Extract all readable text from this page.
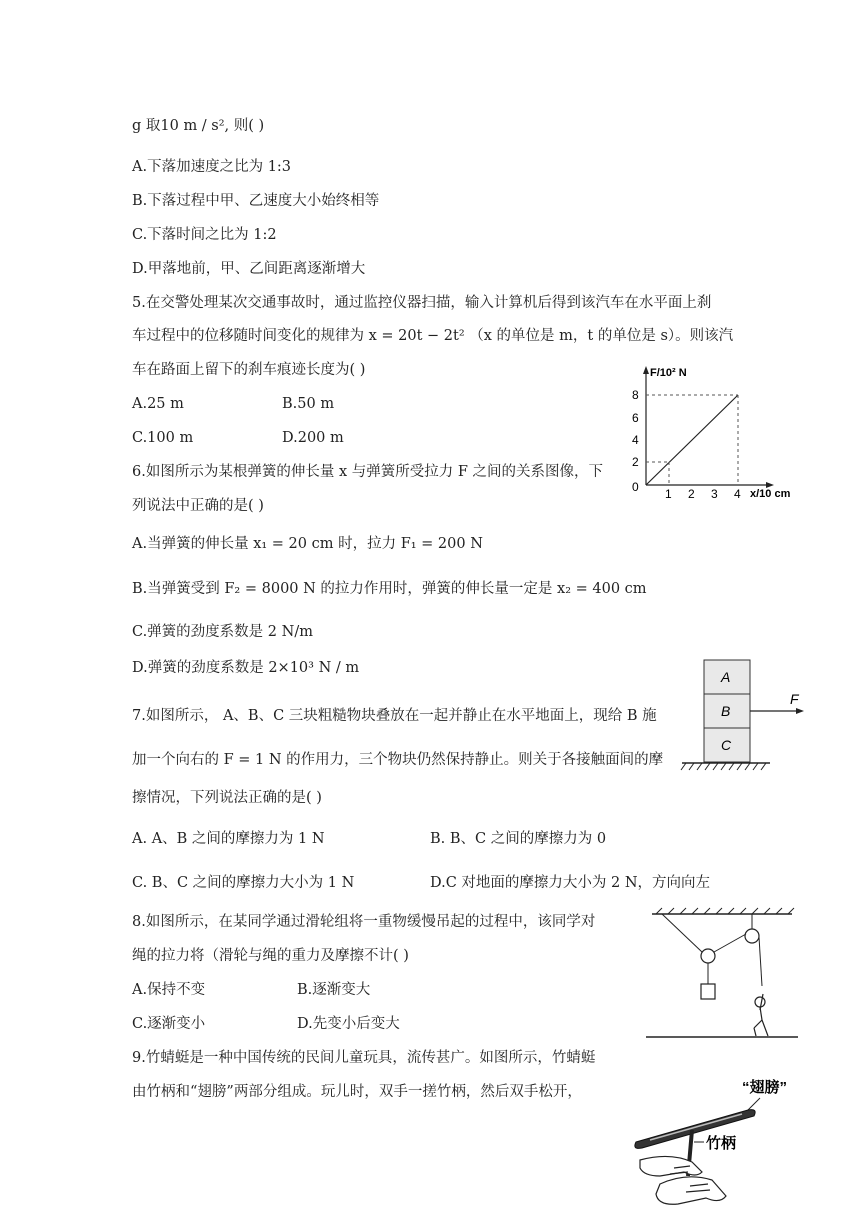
g 取10 m / s², 则( )
A.下落加速度之比为 1:3
B.下落过程中甲、乙速度大小始终相等
C.下落时间之比为 1:2
D.甲落地前，甲、乙间距离逐渐增大
5.在交警处理某次交通事故时，通过监控仪器扫描，输入计算机后得到该汽车在水平面上刹
车过程中的位移随时间变化的规律为 x = 20t − 2t² （x 的单位是 m，t 的单位是 s）。则该汽
车在路面上留下的刹车痕迹长度为( )
A.25 m	B.50 m
C.100 m	D.200 m
6.如图所示为某根弹簧的伸长量 x 与弹簧所受拉力 F 之间的关系图像，下
列说法中正确的是( )
A.当弹簧的伸长量 x₁ = 20 cm 时，拉力 F₁ = 200 N
B.当弹簧受到 F₂ = 8000 N 的拉力作用时，弹簧的伸长量一定是 x₂ = 400 cm
C.弹簧的劲度系数是 2 N/m
D.弹簧的劲度系数是 2×10³ N / m
7.如图所示， A、B、C 三块粗糙物块叠放在一起并静止在水平地面上，现给 B 施
加一个向右的 F = 1 N 的作用力，三个物块仍然保持静止。则关于各接触面间的摩
擦情况，下列说法正确的是( )
A. A、B 之间的摩擦力为 1 N	B. B、C 之间的摩擦力为 0
C. B、C 之间的摩擦力大小为 1 N	D.C 对地面的摩擦力大小为 2 N，方向向左
8.如图所示，在某同学通过滑轮组将一重物缓慢吊起的过程中，该同学对
绳的拉力将（滑轮与绳的重力及摩擦不计( )
A.保持不变	B.逐渐变大
C.逐渐变小	D.先变小后变大
9.竹蜻蜓是一种中国传统的民间儿童玩具，流传甚广。如图所示，竹蜻蜓
由竹柄和“翅膀”两部分组成。玩儿时，双手一搓竹柄，然后双手松开，
F/10² N
8
6
4
2
0 1 2 3 4 x/10 cm
A
B
C
F
“翅膀”
竹柄
